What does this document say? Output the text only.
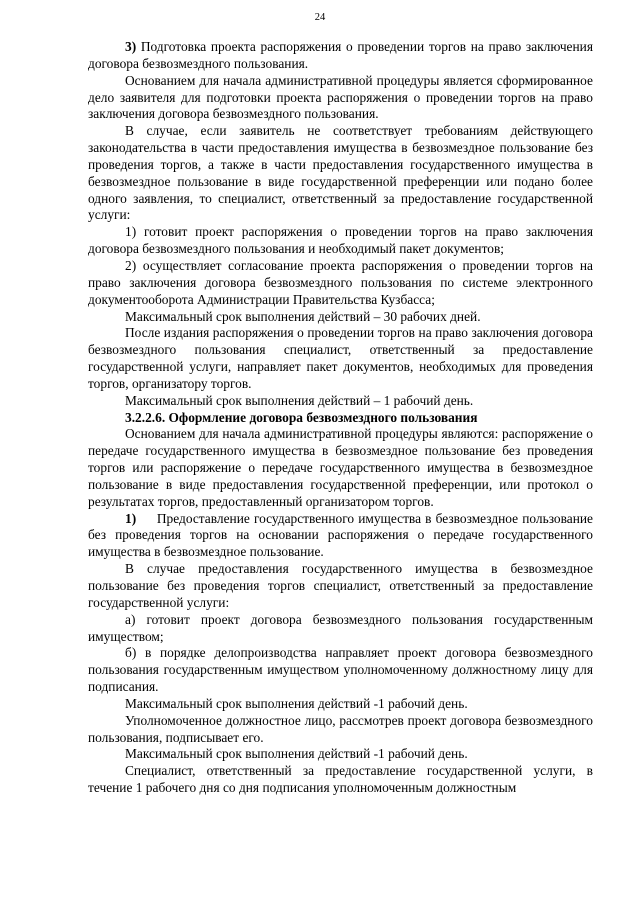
24

3) Подготовка проекта распоряжения о проведении торгов на право заключения договора безвозмездного пользования.

Основанием для начала административной процедуры является сформированное дело заявителя для подготовки проекта распоряжения о проведении торгов на право заключения договора безвозмездного пользования.

В случае, если заявитель не соответствует требованиям действующего законодательства в части предоставления имущества в безвозмездное пользование без проведения торгов, а также в части предоставления государственного имущества в безвозмездное пользование в виде государственной преференции или подано более одного заявления, то специалист, ответственный за предоставление государственной услуги:

1) готовит проект распоряжения о проведении торгов на право заключения договора безвозмездного пользования и необходимый пакет документов;

2) осуществляет согласование проекта распоряжения о проведении торгов на право заключения договора безвозмездного пользования по системе электронного документооборота Администрации Правительства Кузбасса;

Максимальный срок выполнения действий – 30 рабочих дней.

После издания распоряжения о проведении торгов на право заключения договора безвозмездного пользования специалист, ответственный за предоставление государственной услуги, направляет пакет документов, необходимых для проведения торгов, организатору торгов.

Максимальный срок выполнения действий – 1 рабочий день.

3.2.2.6. Оформление договора безвозмездного пользования

Основанием для начала административной процедуры являются: распоряжение о передаче государственного имущества в безвозмездное пользование без проведения торгов или распоряжение о передаче государственного имущества в безвозмездное пользование в виде предоставления государственной преференции, или протокол о результатах торгов, предоставленный организатором торгов.

1)     Предоставление государственного имущества в безвозмездное пользование без проведения торгов на основании распоряжения о передаче государственного имущества в безвозмездное пользование.

В случае предоставления государственного имущества в безвозмездное пользование без проведения торгов специалист, ответственный за предоставление государственной услуги:

а) готовит проект договора безвозмездного пользования государственным имуществом;

б) в порядке делопроизводства направляет проект договора безвозмездного пользования государственным имуществом уполномоченному должностному лицу для подписания.

Максимальный срок выполнения действий -1 рабочий день.

Уполномоченное должностное лицо, рассмотрев проект договора безвозмездного пользования, подписывает его.

Максимальный срок выполнения действий -1 рабочий день.

Специалист, ответственный за предоставление государственной услуги, в течение 1 рабочего дня со дня подписания уполномоченным должностным
